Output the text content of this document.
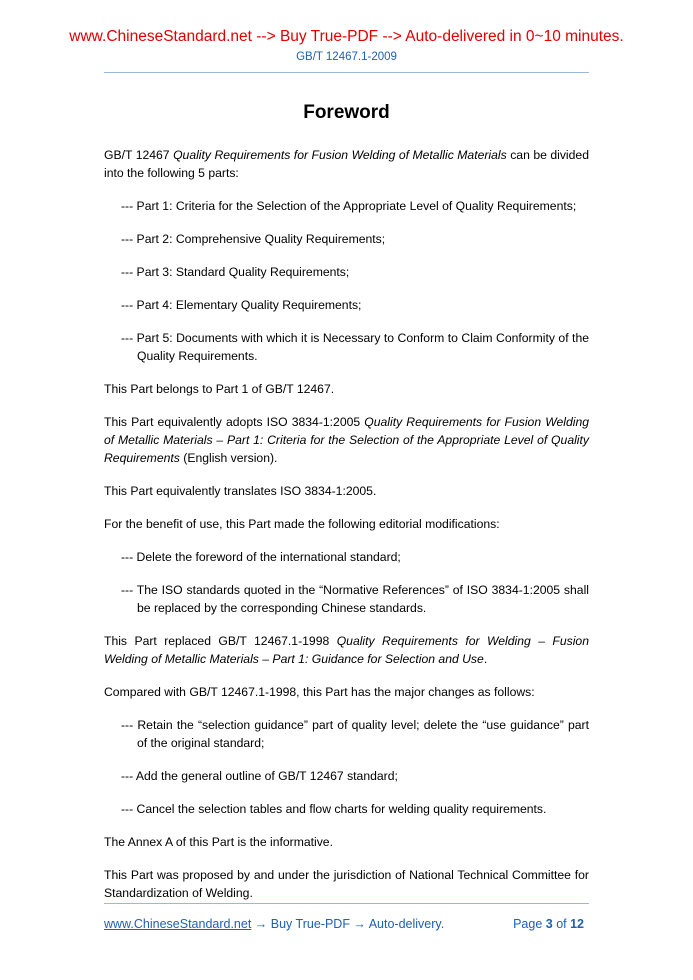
www.ChineseStandard.net --> Buy True-PDF --> Auto-delivered in 0~10 minutes.
GB/T 12467.1-2009
Foreword

GB/T 12467 Quality Requirements for Fusion Welding of Metallic Materials can be divided into the following 5 parts:

--- Part 1: Criteria for the Selection of the Appropriate Level of Quality Requirements;

--- Part 2: Comprehensive Quality Requirements;

--- Part 3: Standard Quality Requirements;

--- Part 4: Elementary Quality Requirements;

--- Part 5: Documents with which it is Necessary to Conform to Claim Conformity of the Quality Requirements.

This Part belongs to Part 1 of GB/T 12467.

This Part equivalently adopts ISO 3834-1:2005 Quality Requirements for Fusion Welding of Metallic Materials – Part 1: Criteria for the Selection of the Appropriate Level of Quality Requirements (English version).

This Part equivalently translates ISO 3834-1:2005.

For the benefit of use, this Part made the following editorial modifications:

--- Delete the foreword of the international standard;

--- The ISO standards quoted in the “Normative References” of ISO 3834-1:2005 shall be replaced by the corresponding Chinese standards.

This Part replaced GB/T 12467.1-1998 Quality Requirements for Welding – Fusion Welding of Metallic Materials – Part 1: Guidance for Selection and Use.

Compared with GB/T 12467.1-1998, this Part has the major changes as follows:

--- Retain the “selection guidance” part of quality level; delete the “use guidance” part of the original standard;

--- Add the general outline of GB/T 12467 standard;

--- Cancel the selection tables and flow charts for welding quality requirements.

The Annex A of this Part is the informative.

This Part was proposed by and under the jurisdiction of National Technical Committee for Standardization of Welding.

www.ChineseStandard.net → Buy True-PDF → Auto-delivery.	Page 3 of 12
